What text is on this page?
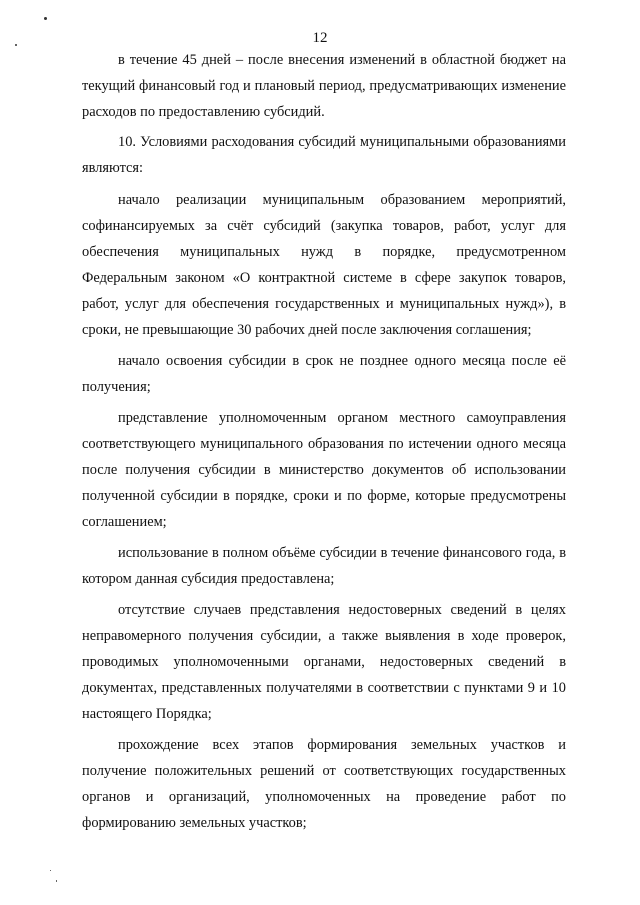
12

в течение 45 дней – после внесения изменений в областной бюджет на текущий финансовый год и плановый период, предусматривающих изменение расходов по предоставлению субсидий.

10. Условиями расходования субсидий муниципальными образованиями являются:

начало реализации муниципальным образованием мероприятий, софинансируемых за счёт субсидий (закупка товаров, работ, услуг для обеспечения муниципальных нужд в порядке, предусмотренном Федеральным законом «О контрактной системе в сфере закупок товаров, работ, услуг для обеспечения государственных и муниципальных нужд»), в сроки, не превышающие 30 рабочих дней после заключения соглашения;

начало освоения субсидии в срок не позднее одного месяца после её получения;

представление уполномоченным органом местного самоуправления соответствующего муниципального образования по истечении одного месяца после получения субсидии в министерство документов об использовании полученной субсидии в порядке, сроки и по форме, которые предусмотрены соглашением;

использование в полном объёме субсидии в течение финансового года, в котором данная субсидия предоставлена;

отсутствие случаев представления недостоверных сведений в целях неправомерного получения субсидии, а также выявления в ходе проверок, проводимых уполномоченными органами, недостоверных сведений в документах, представленных получателями в соответствии с пунктами 9 и 10 настоящего Порядка;

прохождение всех этапов формирования земельных участков и получение положительных решений от соответствующих государственных органов и организаций, уполномоченных на проведение работ по формированию земельных участков;
